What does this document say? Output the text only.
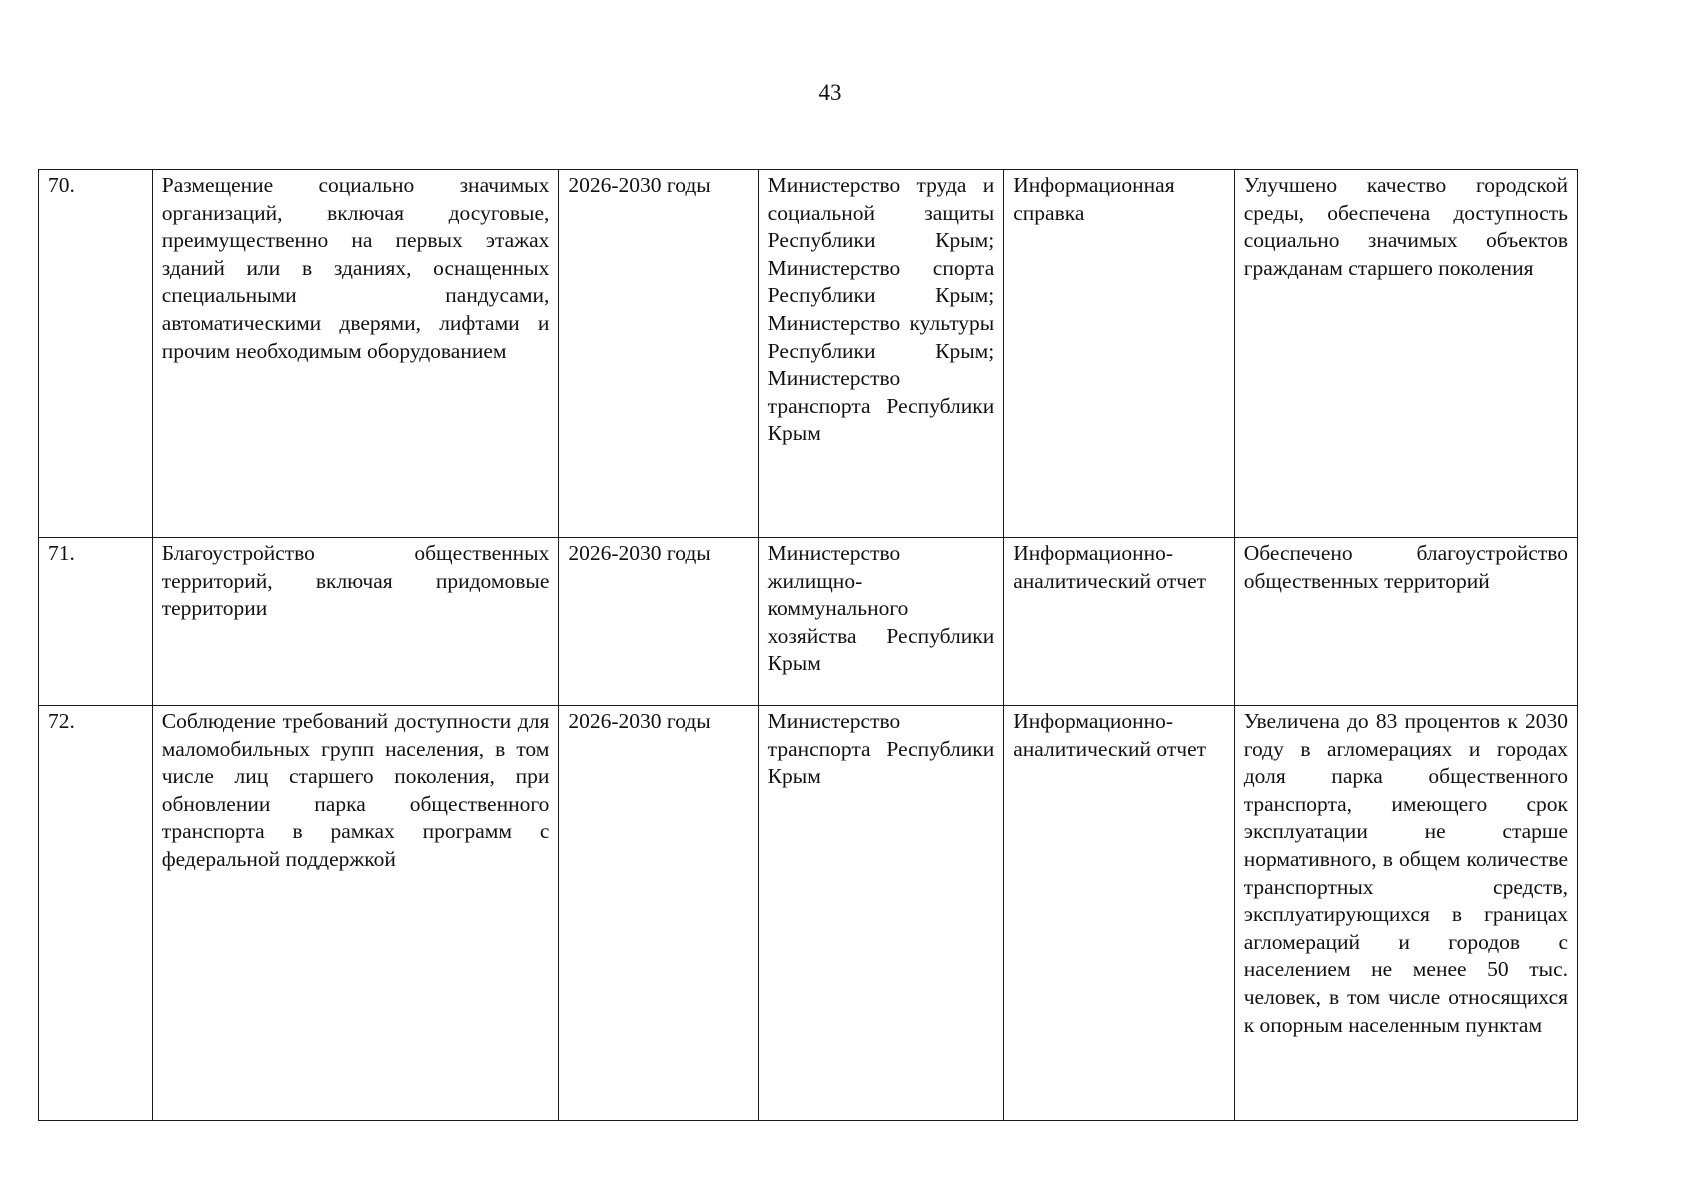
43
70.	Размещение социально значимых организаций, включая досуговые, преимущественно на первых этажах зданий или в зданиях, оснащенных специальными пандусами, автоматическими дверями, лифтами и прочим необходимым оборудованием	2026-2030 годы	Министерство труда и социальной защиты Республики Крым; Министерство спорта Республики Крым; Министерство культуры Республики Крым; Министерство транспорта Республики Крым	Информационная справка	Улучшено качество городской среды, обеспечена доступность социально значимых объектов гражданам старшего поколения
71.	Благоустройство общественных территорий, включая придомовые территории	2026-2030 годы	Министерство жилищно-коммунального хозяйства Республики Крым	Информационно-аналитический отчет	Обеспечено благоустройство общественных территорий
72.	Соблюдение требований доступности для маломобильных групп населения, в том числе лиц старшего поколения, при обновлении парка общественного транспорта в рамках программ с федеральной поддержкой	2026-2030 годы	Министерство транспорта Республики Крым	Информационно-аналитический отчет	Увеличена до 83 процентов к 2030 году в агломерациях и городах доля парка общественного транспорта, имеющего срок эксплуатации не старше нормативного, в общем количестве транспортных средств, эксплуатирующихся в границах агломераций и городов с населением не менее 50 тыс. человек, в том числе относящихся к опорным населенным пунктам
